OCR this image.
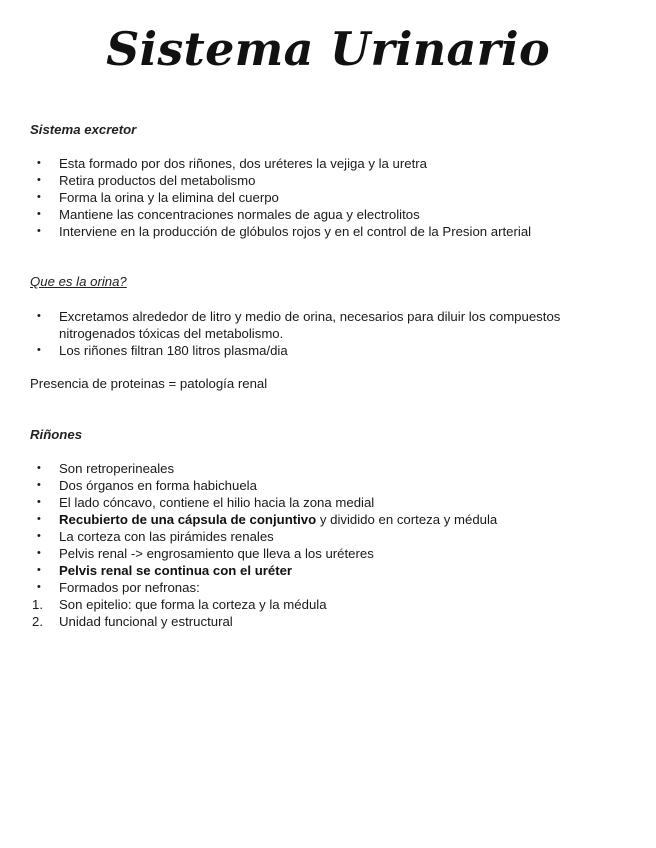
Sistema Urinario
Sistema excretor
• Esta formado por dos riñones, dos uréteres la vejiga y la uretra
• Retira productos del metabolismo
• Forma la orina y la elimina del cuerpo
• Mantiene las concentraciones normales de agua y electrolitos
• Interviene en la producción de glóbulos rojos y en el control de la Presion arterial
Que es la orina?
• Excretamos alrededor de litro y medio de orina, necesarios para diluir los compuestos nitrogenados tóxicas del metabolismo.
• Los riñones filtran 180 litros plasma/dia
Presencia de proteinas = patología renal
Riñones
• Son retroperineales
• Dos órganos en forma habichuela
• El lado cóncavo, contiene el hilio hacia la zona medial
• Recubierto de una cápsula de conjuntivo y dividido en corteza y médula
• La corteza con las pirámides renales
• Pelvis renal -> engrosamiento que lleva a los uréteres
• Pelvis renal se continua con el uréter
• Formados por nefronas:
1. Son epitelio: que forma la corteza y la médula
2. Unidad funcional y estructural
